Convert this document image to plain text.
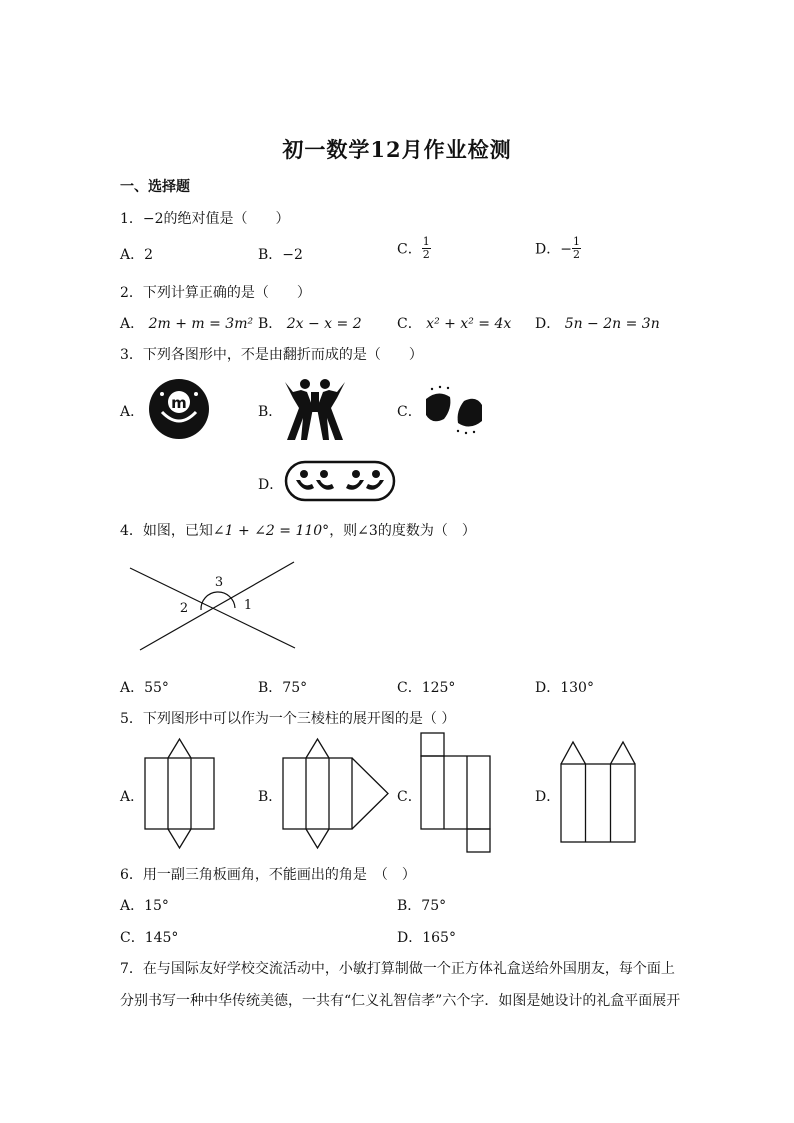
初一数学12月作业检测
一、选择题
1．−2的绝对值是（　　）
A．2	B．−2	C． $\frac{1}{2}$	D．− $\frac{1}{2}$
2．下列计算正确的是（　　）
A． 2m + m = 3m² B． 2x − x = 2	C． x² + x² = 4x D． 5n − 2n = 3n
3．下列各图形中，不是由翻折而成的是（　　）
A． m	B．	C．
D．
4．如图，已知∠1 + ∠2 = 110°，则∠3的度数为（　）
3
2	1
A．55°	B．75°	C．125°	D．130°
5．下列图形中可以作为一个三棱柱的展开图的是（ ）
A．	B．	C．	D．
6．用一副三角板画角，不能画出的角是　（　）
A．15°	B．75°
C．145°	D．165°
7．在与国际友好学校交流活动中，小敏打算制做一个正方体礼盒送给外国朋友，每个面上
分别书写一种中华传统美德，一共有“仁义礼智信孝”六个字．如图是她设计的礼盒平面展开
